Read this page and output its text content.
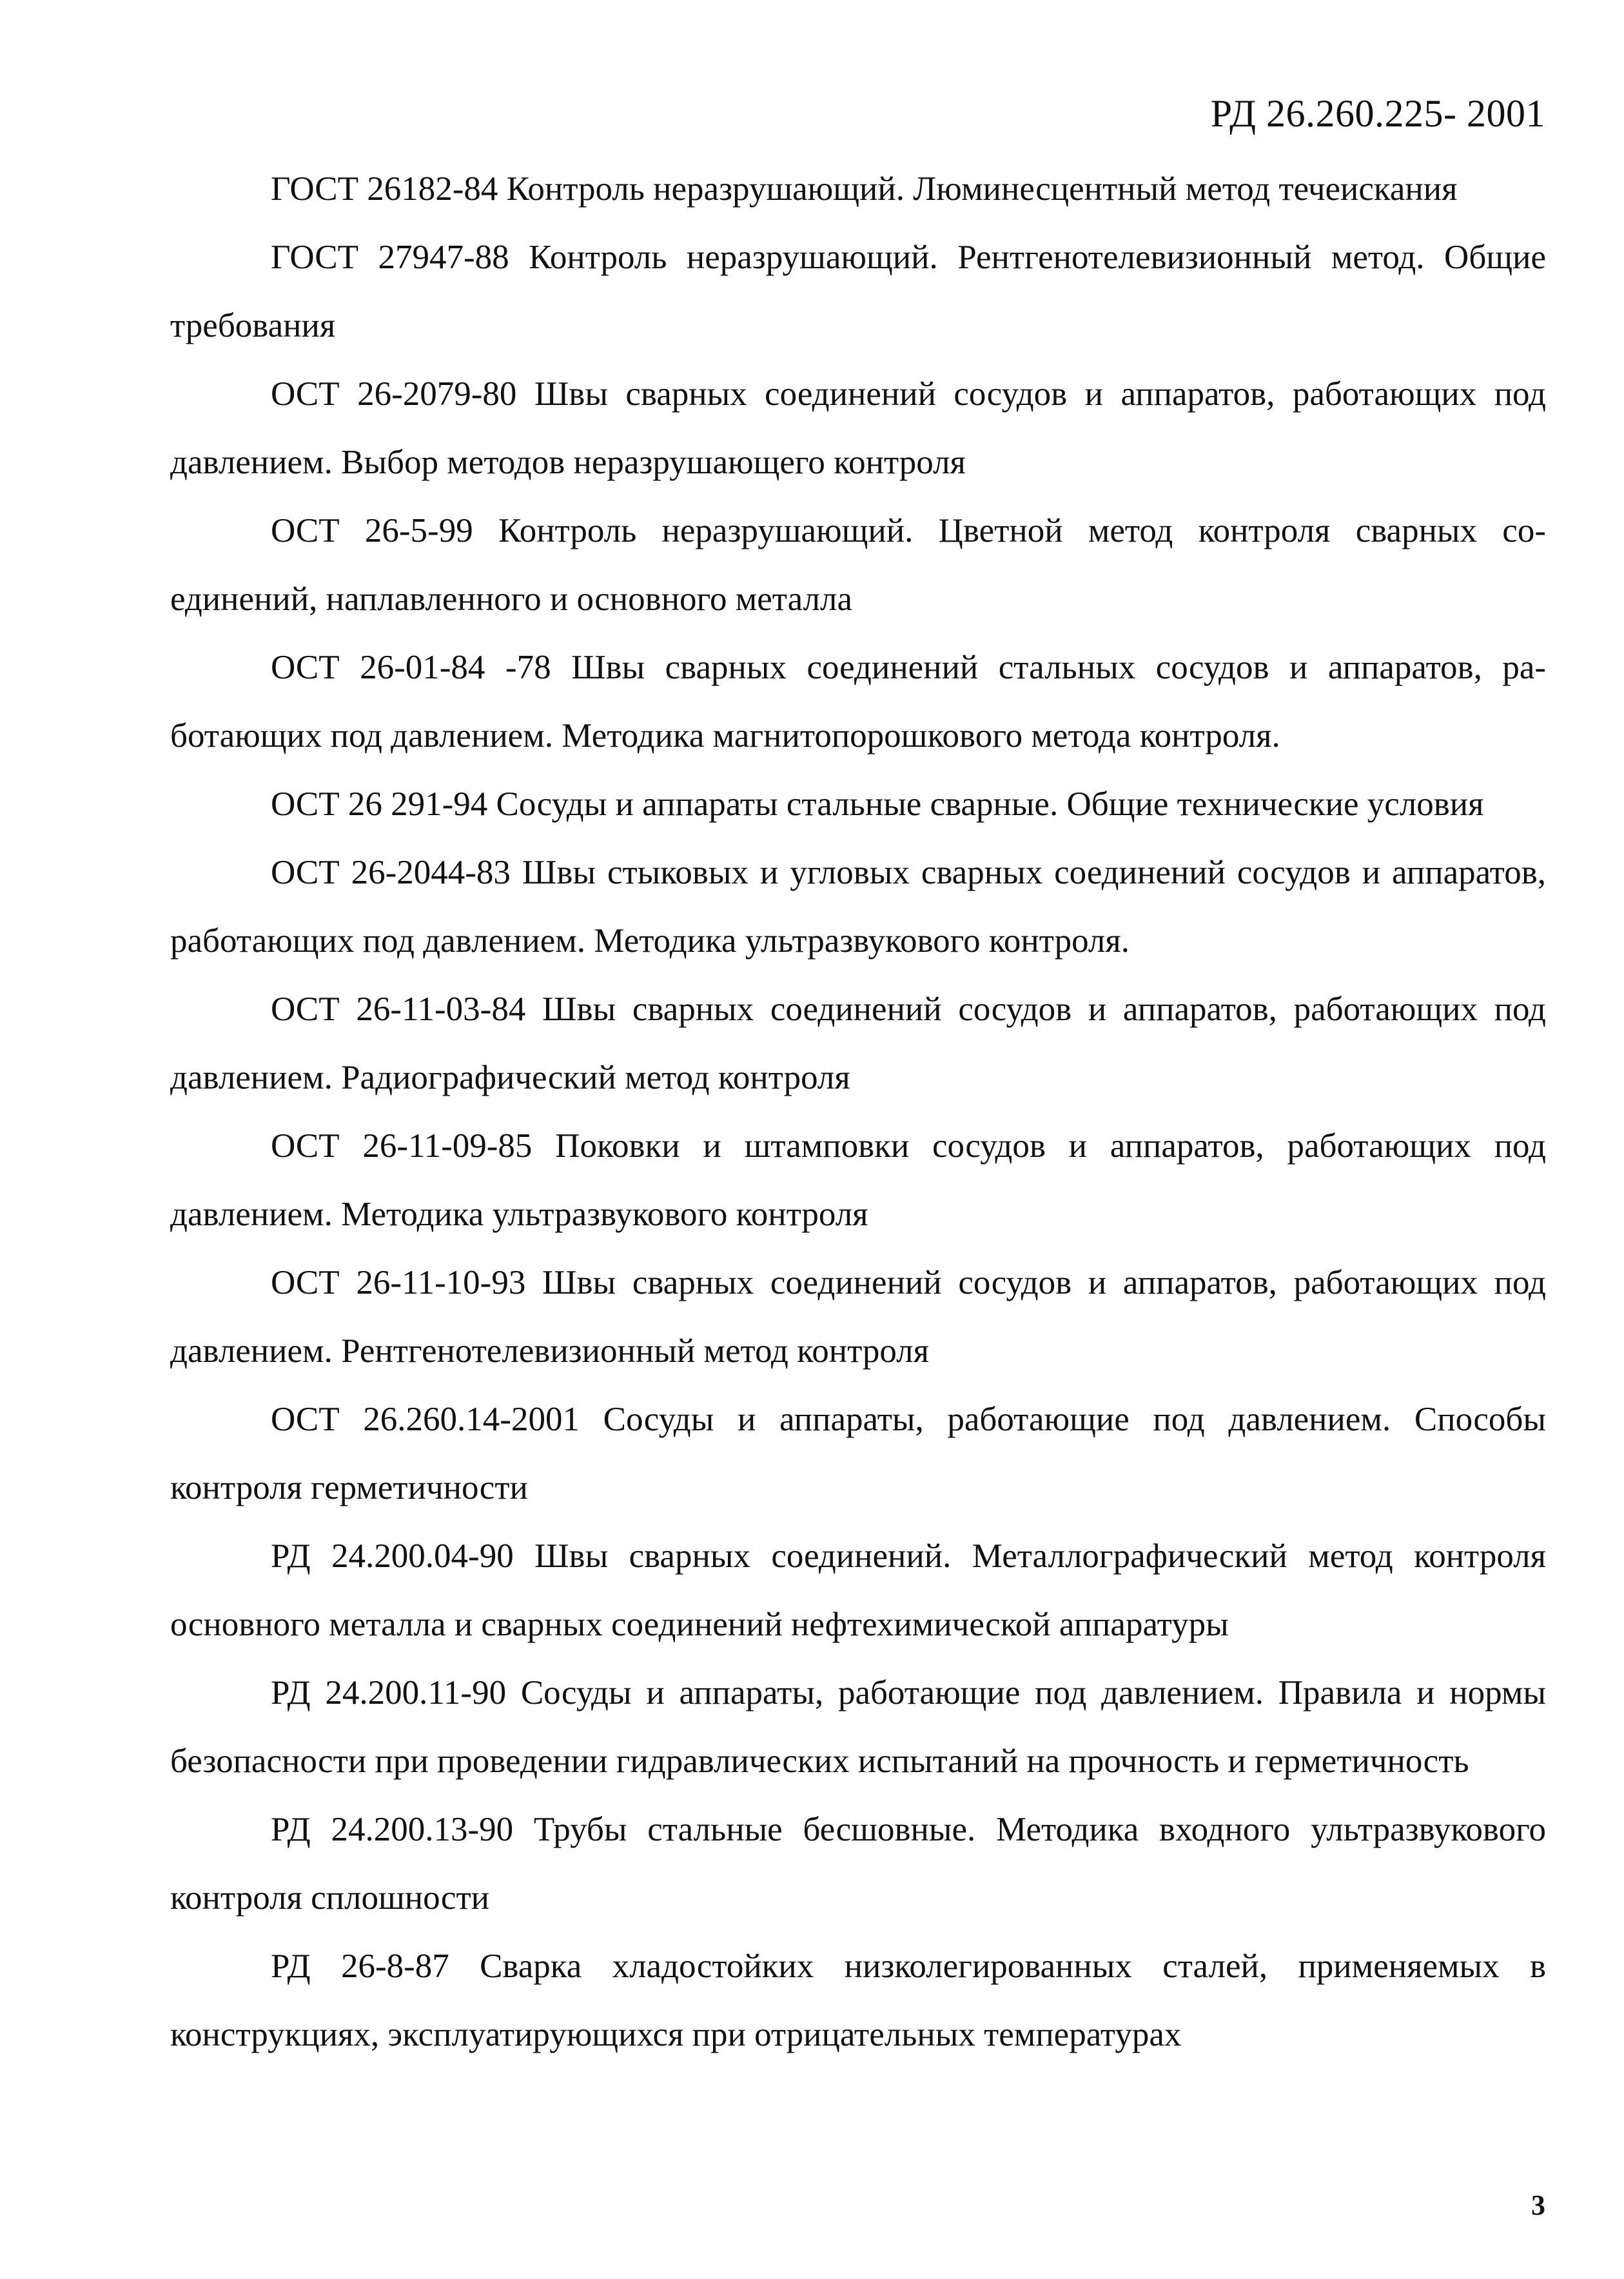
РД 26.260.225- 2001

ГОСТ 26182-84 Контроль неразрушающий. Люминесцентный метод течеискания

ГОСТ 27947-88 Контроль неразрушающий. Рентгенотелевизионный метод. Общие требования

ОСТ 26-2079-80 Швы сварных соединений сосудов и аппаратов, работающих под давлением. Выбор методов неразрушающего контроля

ОСТ 26-5-99 Контроль неразрушающий. Цветной метод контроля сварных соединений, наплавленного и основного металла

ОСТ 26-01-84 -78 Швы сварных соединений стальных сосудов и аппаратов, работающих под давлением. Методика магнитопорошкового метода контроля.

ОСТ 26 291-94 Сосуды и аппараты стальные сварные. Общие технические условия

ОСТ 26-2044-83 Швы стыковых и угловых сварных соединений сосудов и аппаратов, работающих под давлением. Методика ультразвукового контроля.

ОСТ 26-11-03-84 Швы сварных соединений сосудов и аппаратов, работающих под давлением. Радиографический метод контроля

ОСТ 26-11-09-85 Поковки и штамповки сосудов и аппаратов, работающих под давлением. Методика ультразвукового контроля

ОСТ 26-11-10-93 Швы сварных соединений сосудов и аппаратов, работающих под давлением. Рентгенотелевизионный метод контроля

ОСТ 26.260.14-2001 Сосуды и аппараты, работающие под давлением. Способы контроля герметичности

РД 24.200.04-90 Швы сварных соединений. Металлографический метод контроля основного металла и сварных соединений нефтехимической аппаратуры

РД 24.200.11-90 Сосуды и аппараты, работающие под давлением. Правила и нормы безопасности при проведении гидравлических испытаний на прочность и герметичность

РД 24.200.13-90 Трубы стальные бесшовные. Методика входного ультразвукового контроля сплошности

РД 26-8-87 Сварка хладостойких низколегированных сталей, применяемых в конструкциях, эксплуатирующихся при отрицательных температурах

3
